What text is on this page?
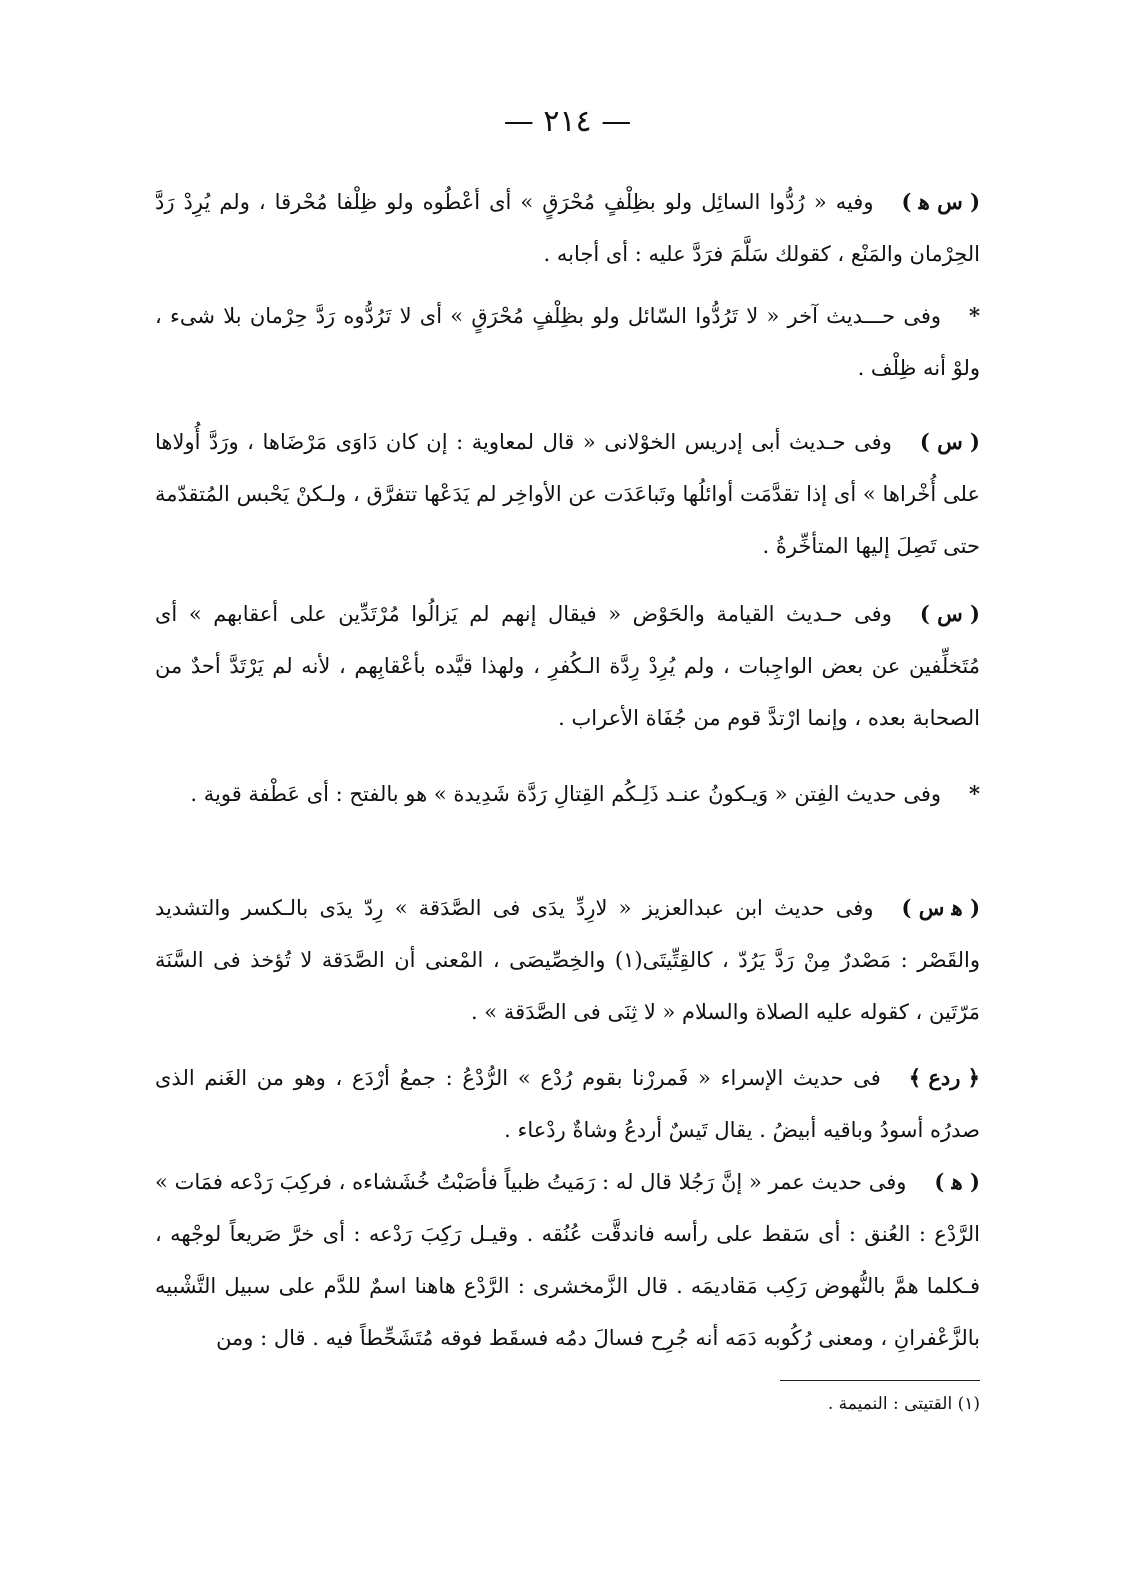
— ٢١٤ —
( س ﻫ )وفيه « رُدُّوا السائِل ولو بظِلْفٍ مُحْرَقٍ » أى أعْطُوه ولو ظِلْفا مُحْرقا ، ولم يُرِدْ رَدَّ الحِرْمان والمَنْع ، كقولك سَلَّمَ فرَدَّ عليه : أى أجابه .
*وفى حـــديث آخر « لا تَرُدُّوا السّائل ولو بظِلْفٍ مُحْرَقٍ » أى لا تَرُدُّوه رَدَّ حِرْمان بلا شىء ، ولوْ أنه ظِلْف .
( س )وفى حـديث أبى إدريس الخوْلانى « قال لمعاوية : إن كان دَاوَى مَرْضَاها ، ورَدَّ أُولاها على أُخْراها » أى إذا تقدَّمَت أوائلُها وتَباعَدَت عن الأواخِر لم يَدَعْها تتفرَّق ، ولـكنْ يَحْبس المُتقدّمة حتى تَصِلَ إليها المتأخِّرةُ .
( س )وفى حـديث القيامة والحَوْض « فيقال إنهم لم يَزالُوا مُرْتَدِّين على أعقابهم » أى مُتَخلِّفين عن بعض الواجِبات ، ولم يُرِدْ رِدَّة الـكُفرِ ، ولهذا قيَّده بأعْقابِهم ، لأنه لم يَرْتَدَّ أحدٌ من الصحابة بعده ، وإنما ارْتدَّ قوم من جُفَاة الأعراب .
*وفى حديث الفِتن « وَيـكونُ عنـد ذَلِـكُم القِتالِ رَدَّة شَدِيدة » هو بالفتح : أى عَطْفة قوية .
( ﻫ س )وفى حديث ابن عبدالعزيز « لارِدِّ يدَى فى الصَّدَقة » رِدّ يدَى بالـكسر والتشديد والقَصْر : مَصْدرٌ مِنْ رَدَّ يَرُدّ ، كالقِتِّيتَى(١) والخِصِّيصَى ، المْعنى أن الصَّدَقة لا تُؤخذ فى السَّنَة مَرّتَين ، كقوله عليه الصلاة والسلام « لا ثِنَى فى الصَّدَقة » .
﴿ ردع ﴾فى حديث الإسراء « فَمررْنا بقوم رُدْع » الرُّدْعُ : جمعُ أرْدَع ، وهو من الغَنم الذى صدرُه أسودُ وباقيه أبيضُ . يقال تَيسٌ أردعُ وشاةٌ ردْعاء .
( ﻫ )وفى حديث عمر « إنَّ رَجُلا قال له : رَمَيتُ ظبياً فأصَبْتُ خُشَشاءه ، فركِبَ رَدْعه فمَات » الرَّدْع : العُنق : أى سَقط على رأسه فاندقَّت عُنُقه . وقيـل رَكِبَ رَدْعه : أى خرَّ صَريعاً لوجْهه ، فـكلما همَّ بالنُّهوض رَكِب مَقاديمَه . قال الزَّمخشرى : الرَّدْع هاهنا اسمٌ للدَّم على سبيل التَّشْبيه بالزَّعْفرانِ ، ومعنى رُكُوبه دَمَه أنه جُرِح فسالَ دمُه فسقَط فوقه مُتَشَحِّطاً فيه . قال : ومن
(١) القتيتى : النميمة .
